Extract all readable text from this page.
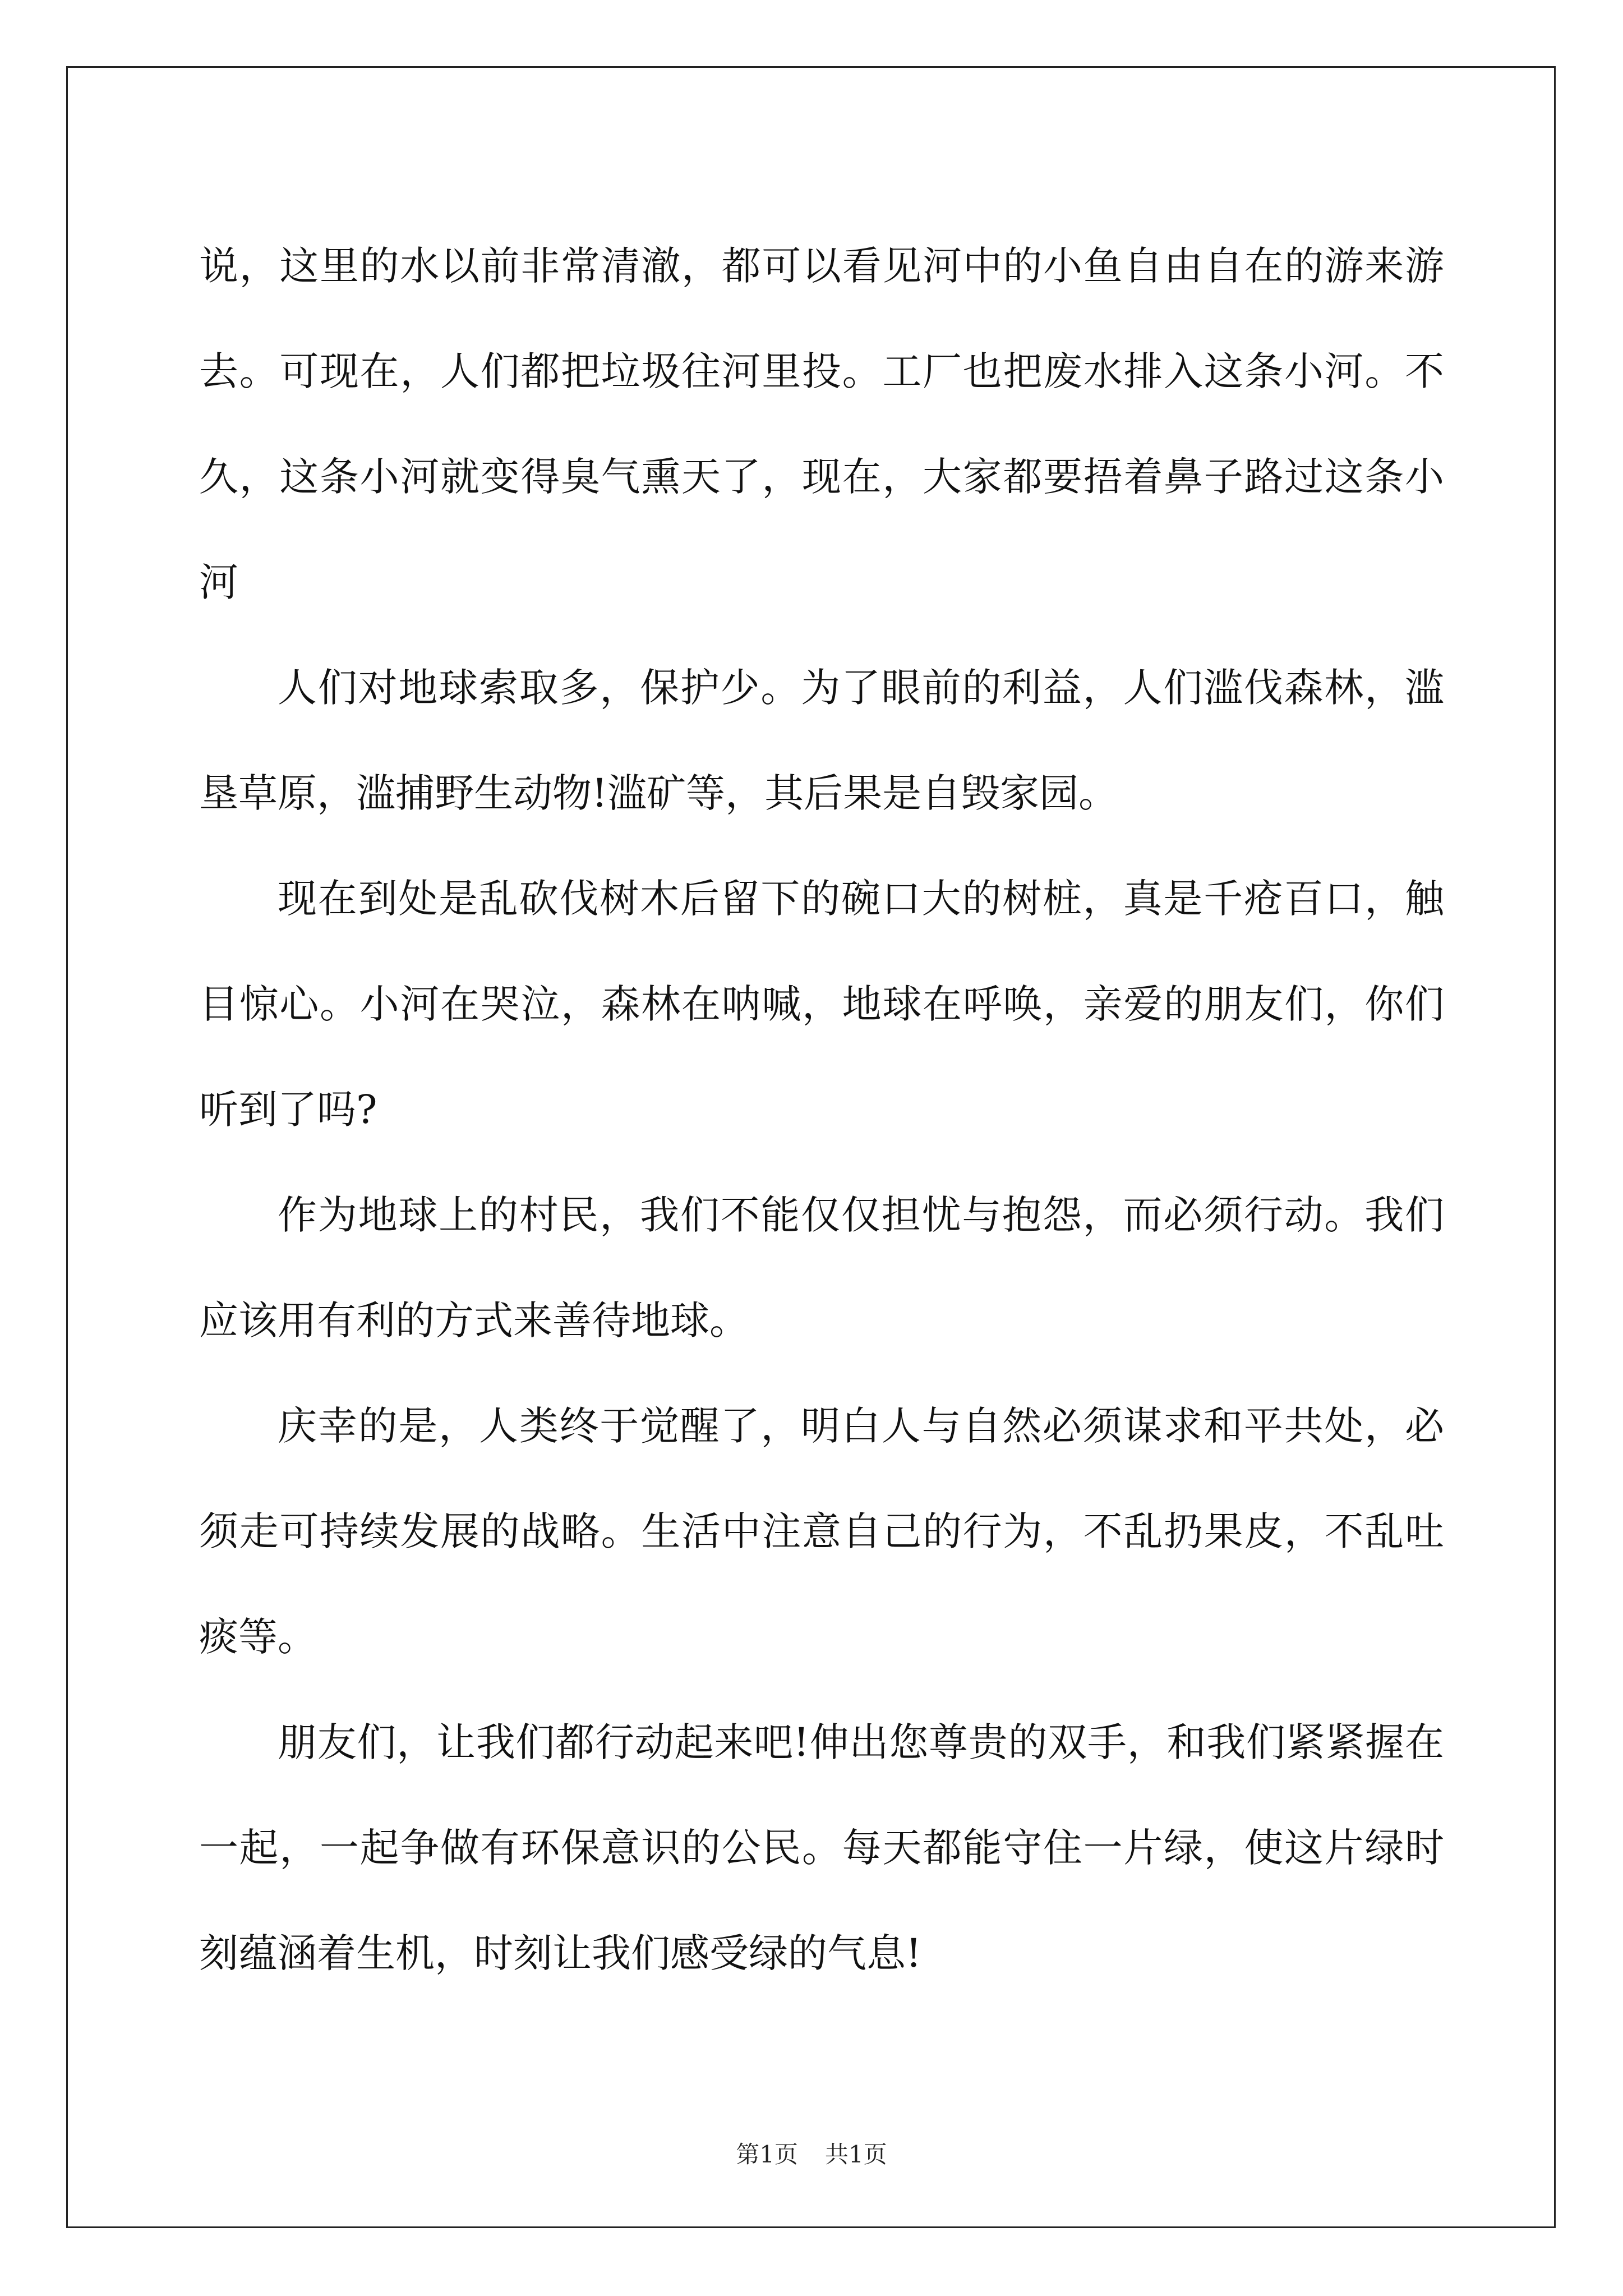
说，这里的水以前非常清澈，都可以看见河中的小鱼自由自在的游来游去。可现在，人们都把垃圾往河里投。工厂也把废水排入这条小河。不久，这条小河就变得臭气熏天了，现在，大家都要捂着鼻子路过这条小河

人们对地球索取多，保护少。为了眼前的利益，人们滥伐森林，滥垦草原，滥捕野生动物!滥矿等，其后果是自毁家园。

现在到处是乱砍伐树木后留下的碗口大的树桩，真是千疮百口，触目惊心。小河在哭泣，森林在呐喊，地球在呼唤，亲爱的朋友们，你们听到了吗?

作为地球上的村民，我们不能仅仅担忧与抱怨，而必须行动。我们应该用有利的方式来善待地球。

庆幸的是，人类终于觉醒了，明白人与自然必须谋求和平共处，必须走可持续发展的战略。生活中注意自己的行为，不乱扔果皮，不乱吐痰等。

朋友们，让我们都行动起来吧!伸出您尊贵的双手，和我们紧紧握在一起，一起争做有环保意识的公民。每天都能守住一片绿，使这片绿时刻蕴涵着生机，时刻让我们感受绿的气息!

第1页 共1页
